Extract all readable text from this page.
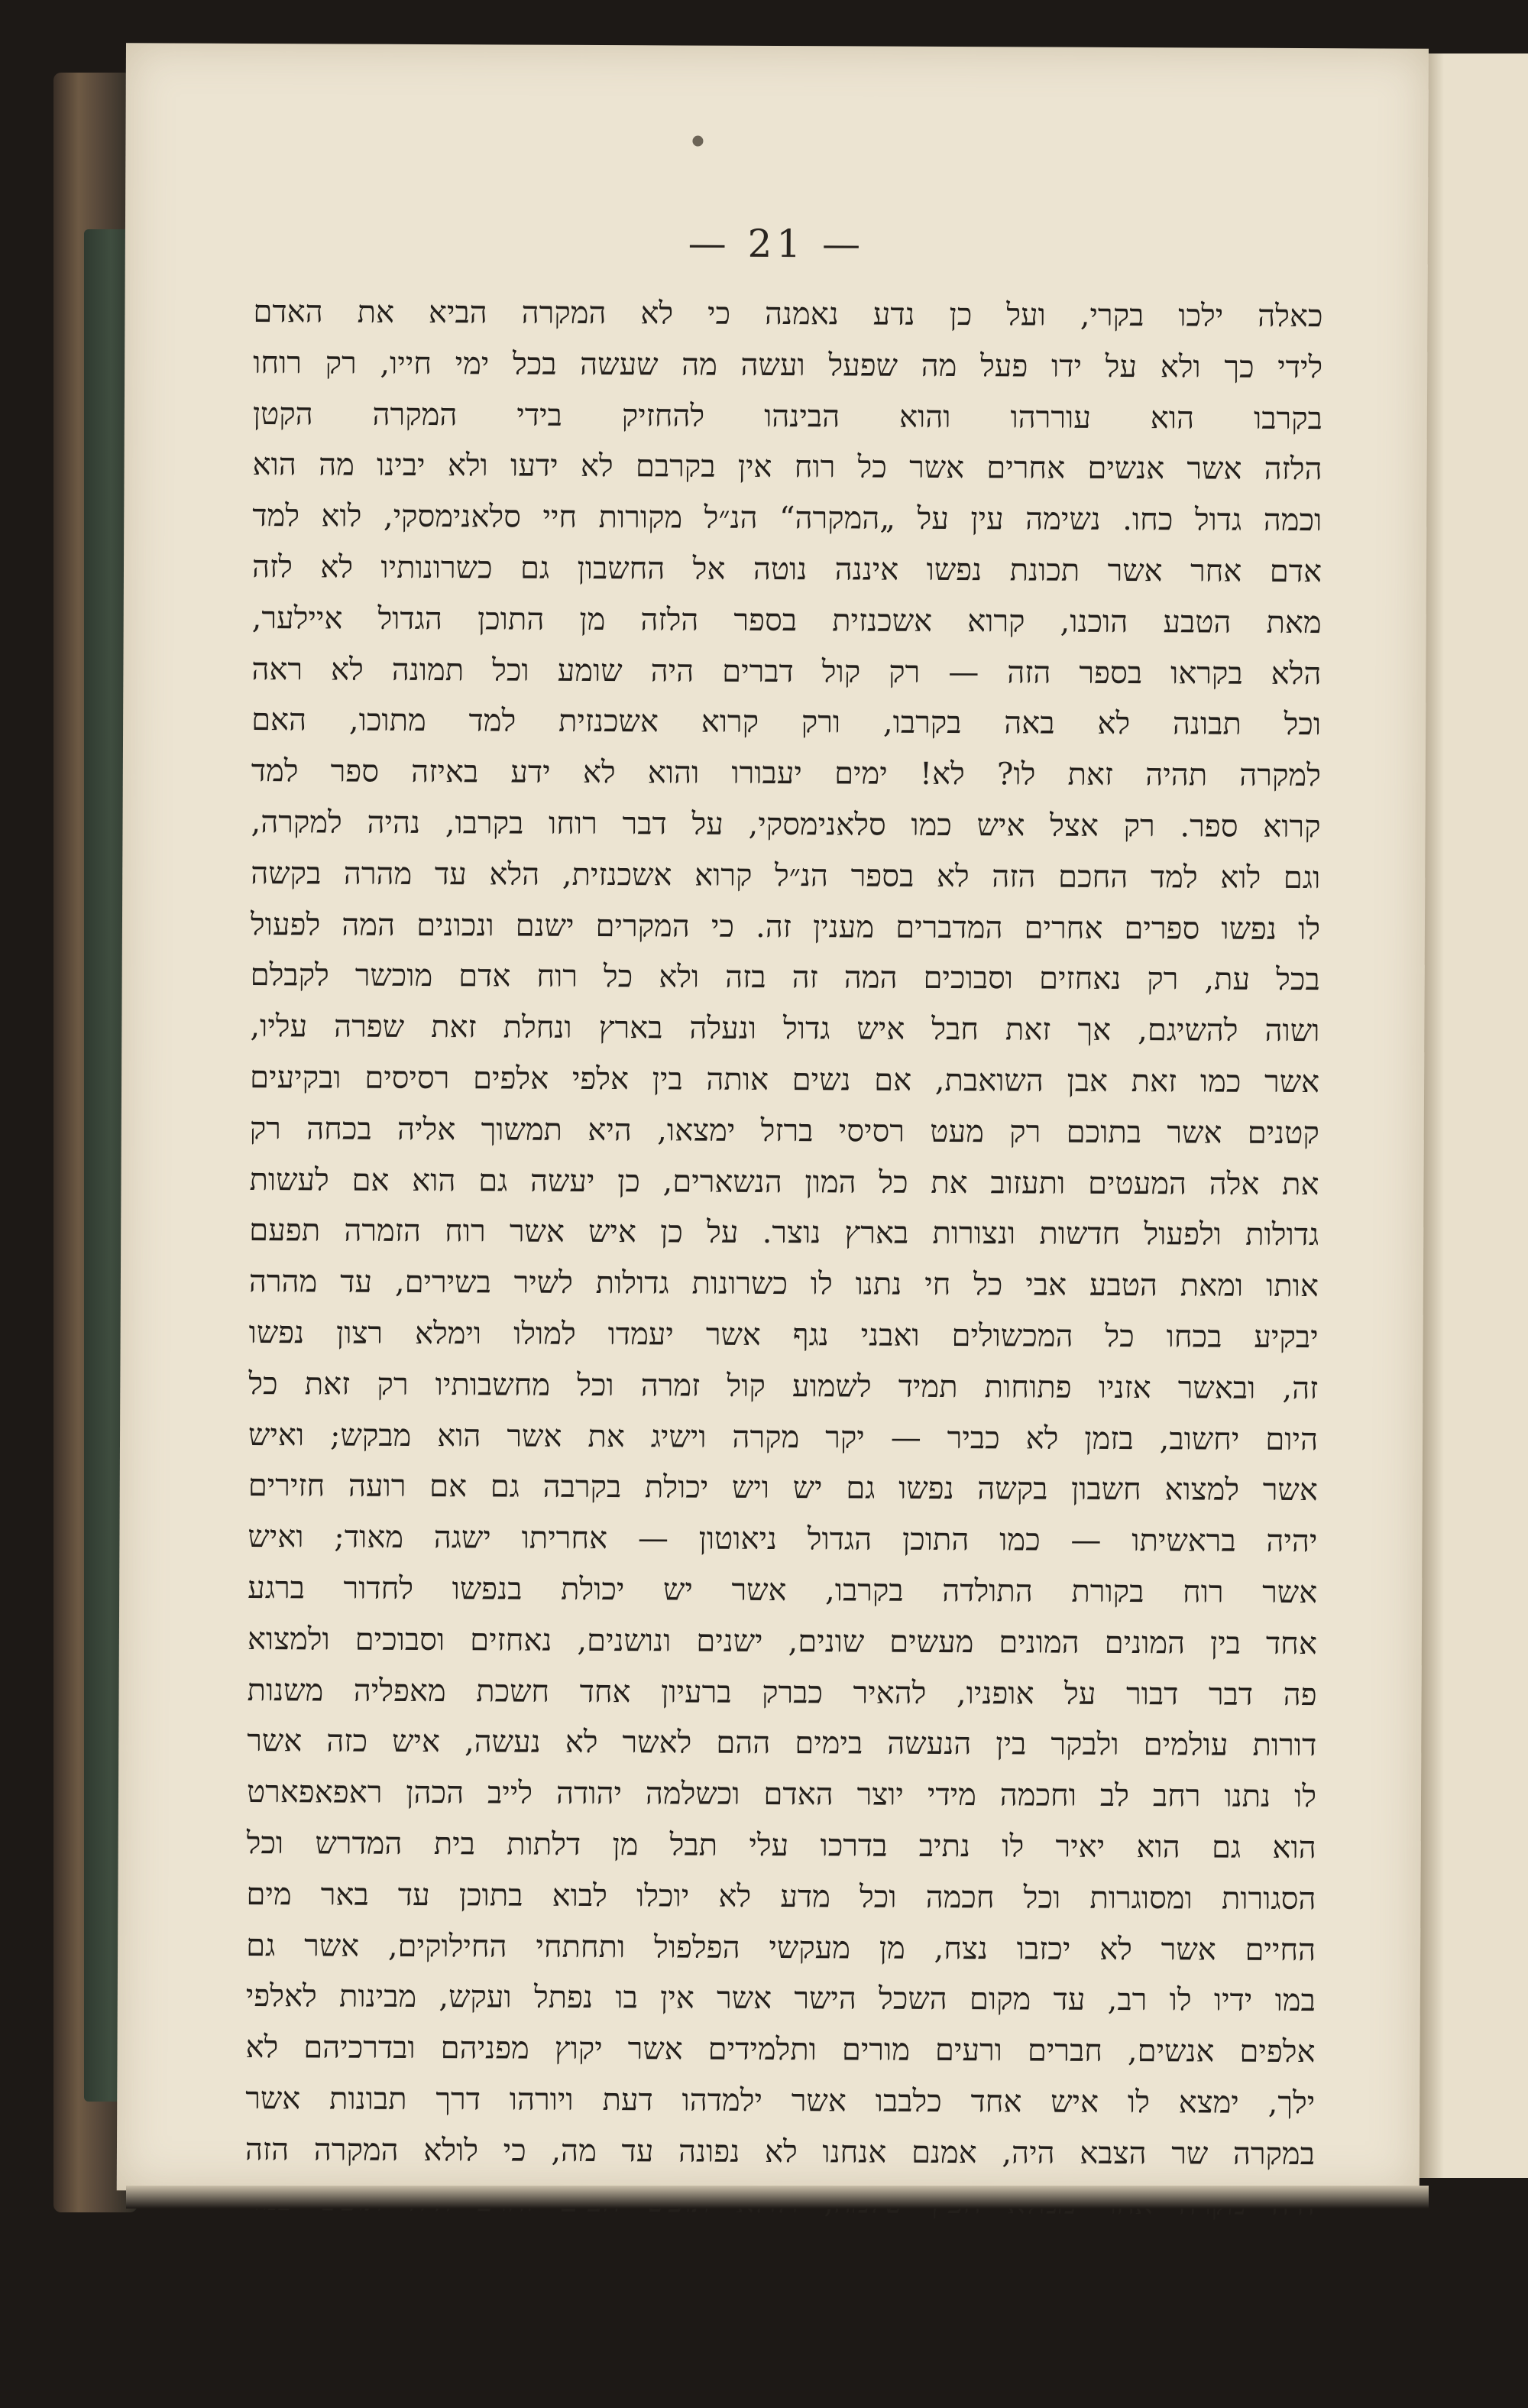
— 21 —
כאלה ילכו בקרי, ועל כן נדע נאמנה כי לא המקרה הביא את האדם
לידי כך ולא על ידו פעל מה שפעל ועשה מה שעשה בכל ימי חייו, רק רוחו
בקרבו הוא עוררהו והוא הבינהו להחזיק בידי המקרה הקטן
הלזה אשר אנשים אחרים אשר כל רוח אין בקרבם לא ידעו ולא יבינו מה הוא
וכמה גדול כחו. נשימה עין על „המקרה“ הנ״ל מקורות חיי סלאנימסקי, לוא למד
אדם אחר אשר תכונת נפשו איננה נוטה אל החשבון גם כשרונותיו לא לזה
מאת הטבע הוכנו, קרוא אשכנזית בספר הלזה מן התוכן הגדול איילער,
הלא בקראו בספר הזה — רק קול דברים היה שומע וכל תמונה לא ראה
וכל תבונה לא באה בקרבו, ורק קרוא אשכנזית למד מתוכו, האם
למקרה תהיה זאת לו? לא! ימים יעבורו והוא לא ידע באיזה ספר למד
קרוא ספר. רק אצל איש כמו סלאנימסקי, על דבר רוחו בקרבו, נהיה למקרה,
וגם לוא למד החכם הזה לא בספר הנ״ל קרוא אשכנזית, הלא עד מהרה בקשה
לו נפשו ספרים אחרים המדברים מענין זה. כי המקרים ישנם ונכונים המה לפעול
בכל עת, רק נאחזים וסבוכים המה זה בזה ולא כל רוח אדם מוכשר לקבלם
ושוה להשיגם, אך זאת חבל איש גדול ונעלה בארץ ונחלת זאת שפרה עליו,
אשר כמו זאת אבן השואבת, אם נשים אותה בין אלפי אלפים רסיסים ובקיעים
קטנים אשר בתוכם רק מעט רסיסי ברזל ימצאו, היא תמשוך אליה בכחה רק
את אלה המעטים ותעזוב את כל המון הנשארים, כן יעשה גם הוא אם לעשות
גדולות ולפעול חדשות ונצורות בארץ נוצר. על כן איש אשר רוח הזמרה תפעם
אותו ומאת הטבע אבי כל חי נתנו לו כשרונות גדולות לשיר בשירים, עד מהרה
יבקיע בכחו כל המכשולים ואבני נגף אשר יעמדו למולו וימלא רצון נפשו
זה, ובאשר אזניו פתוחות תמיד לשמוע קול זמרה וכל מחשבותיו רק זאת כל
היום יחשוב, בזמן לא כביר — יקר מקרה וישיג את אשר הוא מבקש; ואיש
אשר למצוא חשבון בקשה נפשו גם יש ויש יכולת בקרבה גם אם רועה חזירים
יהיה בראשיתו — כמו התוכן הגדול ניאוטון — אחריתו ישגה מאוד; ואיש
אשר רוח בקורת התולדה בקרבו, אשר יש יכולת בנפשו לחדור ברגע
אחד בין המונים המונים מעשים שונים, ישנים ונושנים, נאחזים וסבוכים ולמצוא
פה דבר דבור על אופניו, להאיר כברק ברעיון אחד חשכת מאפליה משנות
דורות עולמים ולבקר בין הנעשה בימים ההם לאשר לא נעשה, איש כזה אשר
לו נתנו רחב לב וחכמה מידי יוצר האדם וכשלמה יהודה לייב הכהן ראפאפארט
הוא גם הוא יאיר לו נתיב בדרכו עלי תבל מן דלתות בית המדרש וכל
הסגורות ומסוגרות וכל חכמה וכל מדע לא יוכלו לבוא בתוכן עד באר מים
החיים אשר לא יכזבו נצח, מן מעקשי הפלפול ותחתחי החילוקים, אשר גם
במו ידיו לו רב, עד מקום השכל הישר אשר אין בו נפתל ועקש, מבינות לאלפי
אלפים אנשים, חברים ורעים מורים ותלמידים אשר יקוץ מפניהם ובדרכיהם לא
ילך, ימצא לו איש אחד כלבבו אשר ילמדהו דעת ויורהו דרך תבונות אשר
במקרה שר הצבא היה, אמנם אנחנו לא נפונה עד מה, כי לולא המקרה הזה
